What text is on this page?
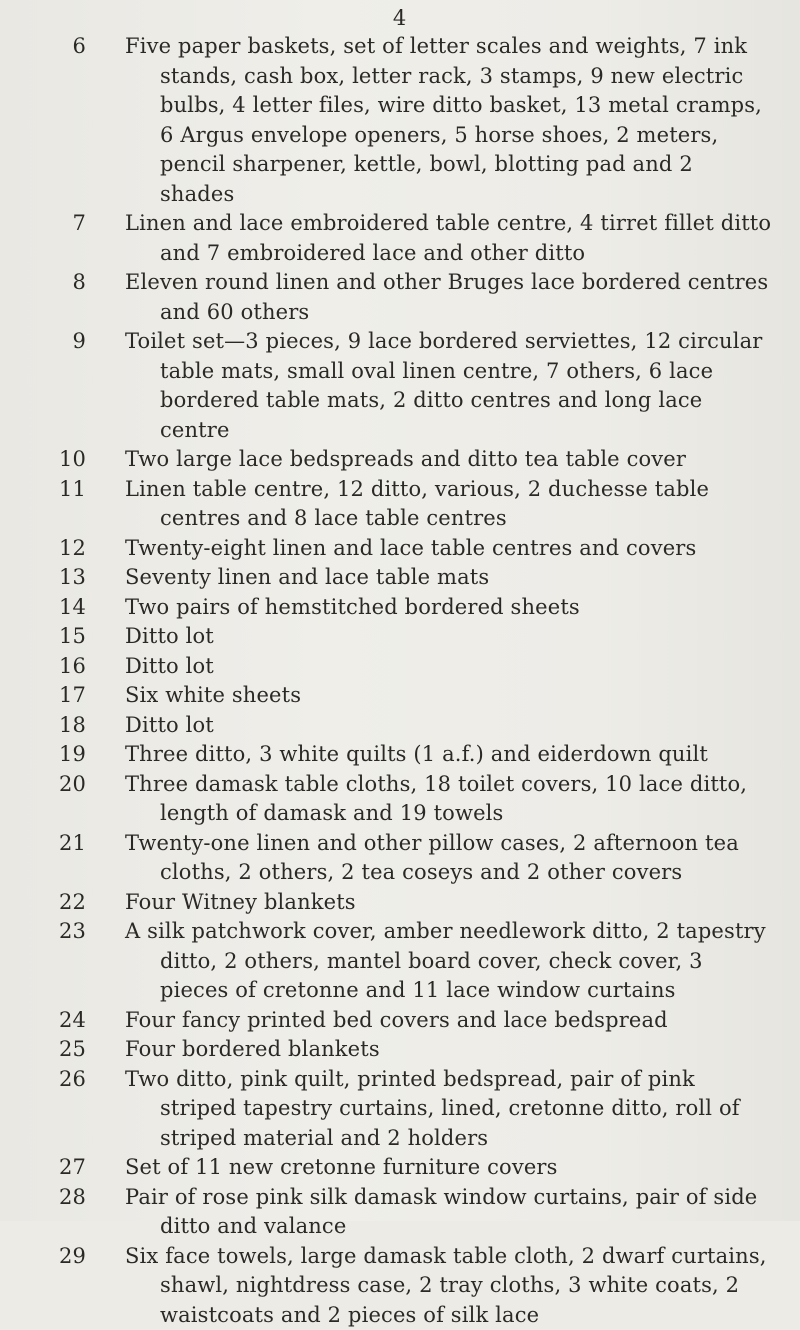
4
6 Five paper baskets, set of letter scales and weights, 7 ink stands, cash box, letter rack, 3 stamps, 9 new electric bulbs, 4 letter files, wire ditto basket, 13 metal cramps, 6 Argus envelope openers, 5 horse shoes, 2 meters, pencil sharpener, kettle, bowl, blotting pad and 2 shades
7 Linen and lace embroidered table centre, 4 tirret fillet ditto and 7 embroidered lace and other ditto
8 Eleven round linen and other Bruges lace bordered centres and 60 others
9 Toilet set—3 pieces, 9 lace bordered serviettes, 12 circular table mats, small oval linen centre, 7 others, 6 lace bordered table mats, 2 ditto centres and long lace centre
10 Two large lace bedspreads and ditto tea table cover
11 Linen table centre, 12 ditto, various, 2 duchesse table centres and 8 lace table centres
12 Twenty-eight linen and lace table centres and covers
13 Seventy linen and lace table mats
14 Two pairs of hemstitched bordered sheets
15 Ditto lot
16 Ditto lot
17 Six white sheets
18 Ditto lot
19 Three ditto, 3 white quilts (1 a.f.) and eiderdown quilt
20 Three damask table cloths, 18 toilet covers, 10 lace ditto, length of damask and 19 towels
21 Twenty-one linen and other pillow cases, 2 afternoon tea cloths, 2 others, 2 tea coseys and 2 other covers
22 Four Witney blankets
23 A silk patchwork cover, amber needlework ditto, 2 tapestry ditto, 2 others, mantel board cover, check cover, 3 pieces of cretonne and 11 lace window curtains
24 Four fancy printed bed covers and lace bedspread
25 Four bordered blankets
26 Two ditto, pink quilt, printed bedspread, pair of pink striped tapestry curtains, lined, cretonne ditto, roll of striped material and 2 holders
27 Set of 11 new cretonne furniture covers
28 Pair of rose pink silk damask window curtains, pair of side ditto and valance
29 Six face towels, large damask table cloth, 2 dwarf curtains, shawl, nightdress case, 2 tray cloths, 3 white coats, 2 waistcoats and 2 pieces of silk lace
